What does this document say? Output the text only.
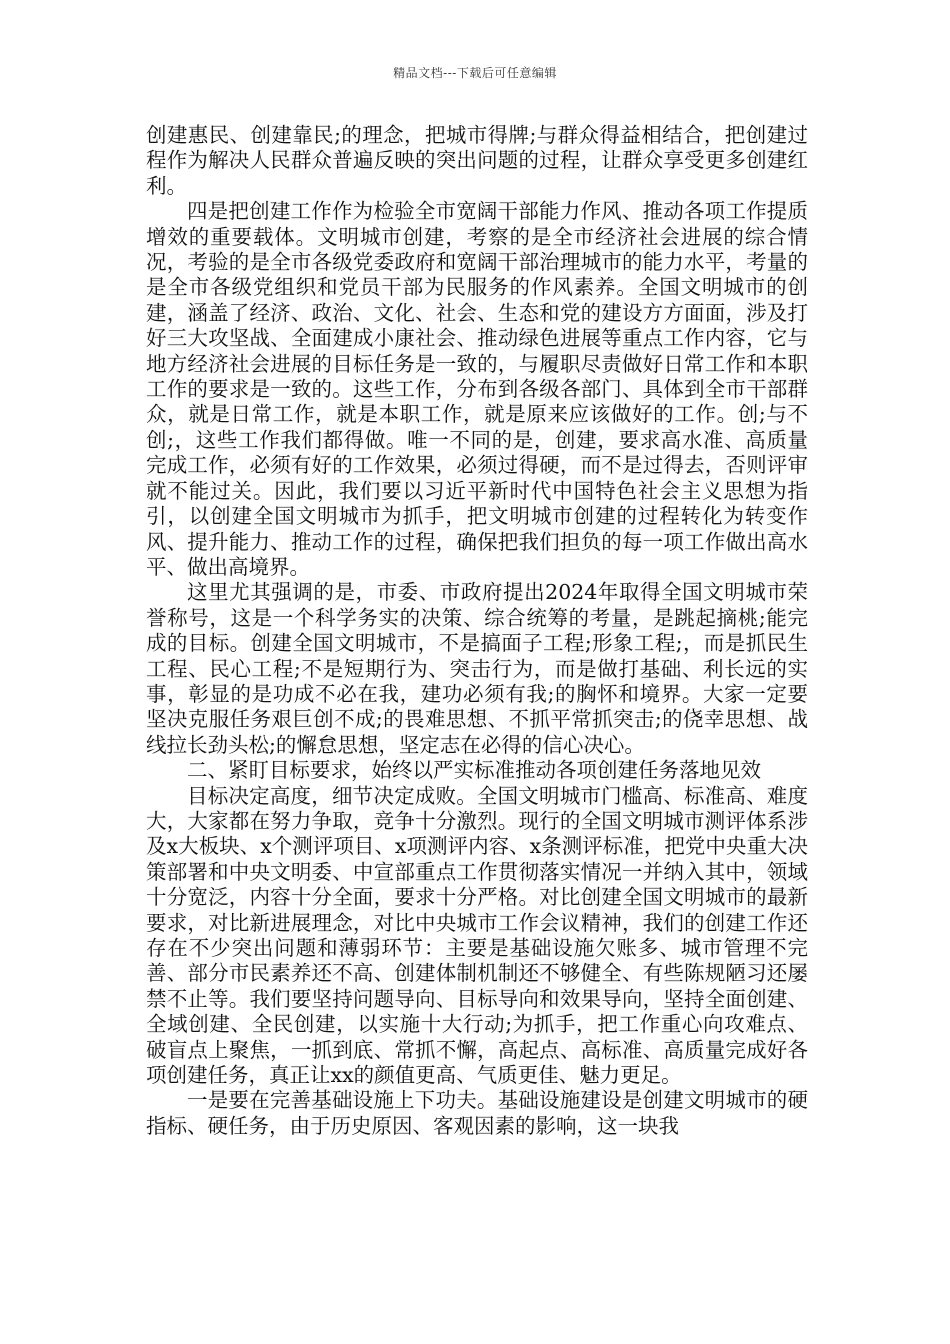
精品文档---下载后可任意编辑

创建惠民、创建靠民;的理念，把城市得牌;与群众得益相结合，把创建过程作为解决人民群众普遍反映的突出问题的过程，让群众享受更多创建红利。

四是把创建工作作为检验全市宽阔干部能力作风、推动各项工作提质增效的重要载体。文明城市创建，考察的是全市经济社会进展的综合情况，考验的是全市各级党委政府和宽阔干部治理城市的能力水平，考量的是全市各级党组织和党员干部为民服务的作风素养。全国文明城市的创建，涵盖了经济、政治、文化、社会、生态和党的建设方方面面，涉及打好三大攻坚战、全面建成小康社会、推动绿色进展等重点工作内容，它与地方经济社会进展的目标任务是一致的，与履职尽责做好日常工作和本职工作的要求是一致的。这些工作，分布到各级各部门、具体到全市干部群众，就是日常工作，就是本职工作，就是原来应该做好的工作。创;与不创;，这些工作我们都得做。唯一不同的是，创建，要求高水准、高质量完成工作，必须有好的工作效果，必须过得硬，而不是过得去，否则评审就不能过关。因此，我们要以习近平新时代中国特色社会主义思想为指引，以创建全国文明城市为抓手，把文明城市创建的过程转化为转变作风、提升能力、推动工作的过程，确保把我们担负的每一项工作做出高水平、做出高境界。

这里尤其强调的是，市委、市政府提出2024年取得全国文明城市荣誉称号，这是一个科学务实的决策、综合统筹的考量，是跳起摘桃;能完成的目标。创建全国文明城市，不是搞面子工程;形象工程;，而是抓民生工程、民心工程;不是短期行为、突击行为，而是做打基础、利长远的实事，彰显的是功成不必在我，建功必须有我;的胸怀和境界。大家一定要坚决克服任务艰巨创不成;的畏难思想、不抓平常抓突击;的侥幸思想、战线拉长劲头松;的懈怠思想，坚定志在必得的信心决心。

二、紧盯目标要求，始终以严实标准推动各项创建任务落地见效

目标决定高度，细节决定成败。全国文明城市门槛高、标准高、难度大，大家都在努力争取，竞争十分激烈。现行的全国文明城市测评体系涉及x大板块、x个测评项目、x项测评内容、x条测评标准，把党中央重大决策部署和中央文明委、中宣部重点工作贯彻落实情况一并纳入其中，领域十分宽泛，内容十分全面，要求十分严格。对比创建全国文明城市的最新要求，对比新进展理念，对比中央城市工作会议精神，我们的创建工作还存在不少突出问题和薄弱环节：主要是基础设施欠账多、城市管理不完善、部分市民素养还不高、创建体制机制还不够健全、有些陈规陋习还屡禁不止等。我们要坚持问题导向、目标导向和效果导向，坚持全面创建、全域创建、全民创建，以实施十大行动;为抓手，把工作重心向攻难点、破盲点上聚焦，一抓到底、常抓不懈，高起点、高标准、高质量完成好各项创建任务，真正让xx的颜值更高、气质更佳、魅力更足。

一是要在完善基础设施上下功夫。基础设施建设是创建文明城市的硬指标、硬任务，由于历史原因、客观因素的影响，这一块我
